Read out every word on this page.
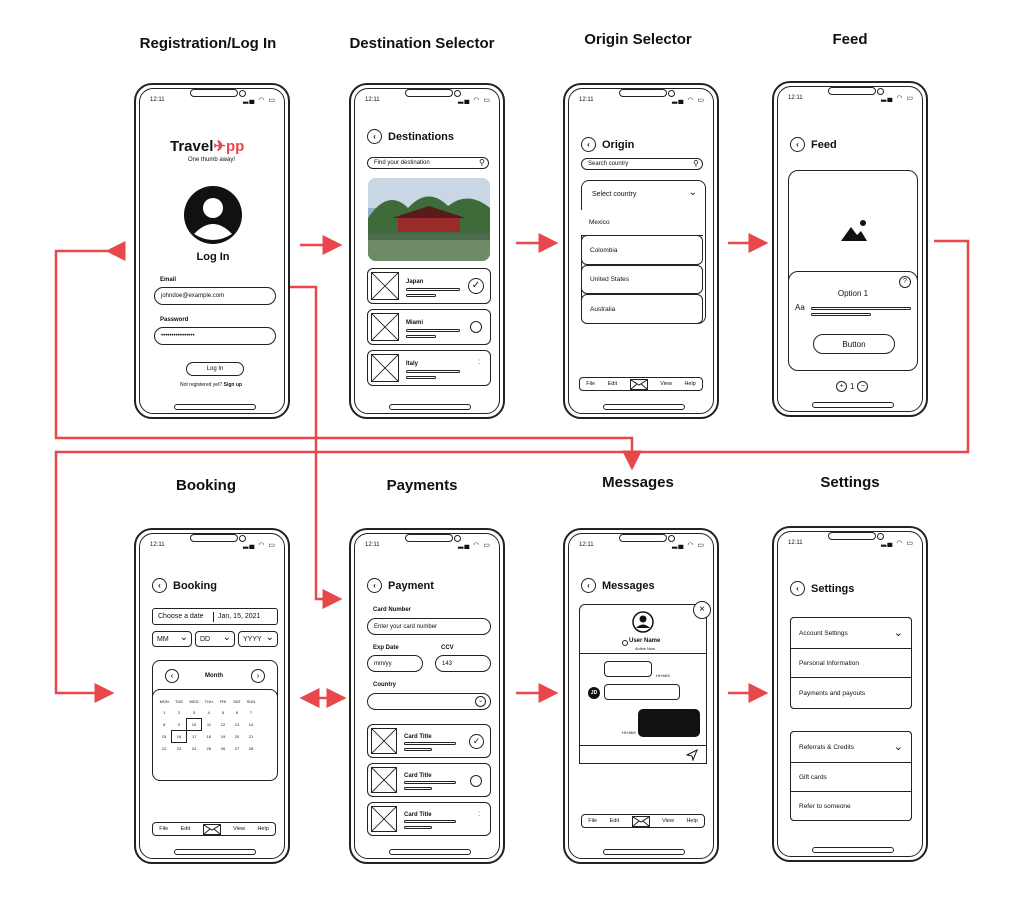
Registration/Log In	Destination Selector	Origin Selector	Feed
Booking	Payments	Messages	Settings
12:11	▂▄ ◠ ▭
Travel✈pp
One thumb away!
Log In
Email
johndoe@example.com
Password
••••••••••••••••
Log In
Not registered yet? Sign up
12:11	▂▄ ◠ ▭
‹	Destinations
Find your destination	⚲
Japan	✓
Miami
Italy	⁚
12:11	▂▄ ◠ ▭
‹	Origin
Search country	⚲
Select country	⌄
Mexico
Colombia
United States
Australia
File Edit	View Help
12:11	▂▄ ◠ ▭
‹	Feed
?
Option 1
Aa
Button
+ 1 −
12:11	▂▄ ◠ ▭
‹	Booking
Choose a date Jan, 15, 2021
MM ⌄ DD ⌄ YYYY ⌄
‹	Month	›
MON	TUE	WED	THU	FRI	SAT	SUN
1	2	3	4	5	6	7
8	9	10	11	12	13	14
15	16	17	18	19	20	21
22	23	24	25	26	27	28
File Edit	View Help
12:11	▂▄ ◠ ▭
‹	Payment
Card Number
Enter your card number
Exp Date
mm/yy
CCV
143
Country
⌄
Card Title	✓
Card Title
Card Title	⁚
12:11	▂▄ ◠ ▭
‹	Messages
User Name
Active Now
HH:MM
JD
HH:MM
×
File Edit	View Help
12:11	▂▄ ◠ ▭
‹	Settings
Account Settings	⌄
Personal Information
Payments and payouts
Referrals & Credits	⌄
Gift cards
Refer to someone
